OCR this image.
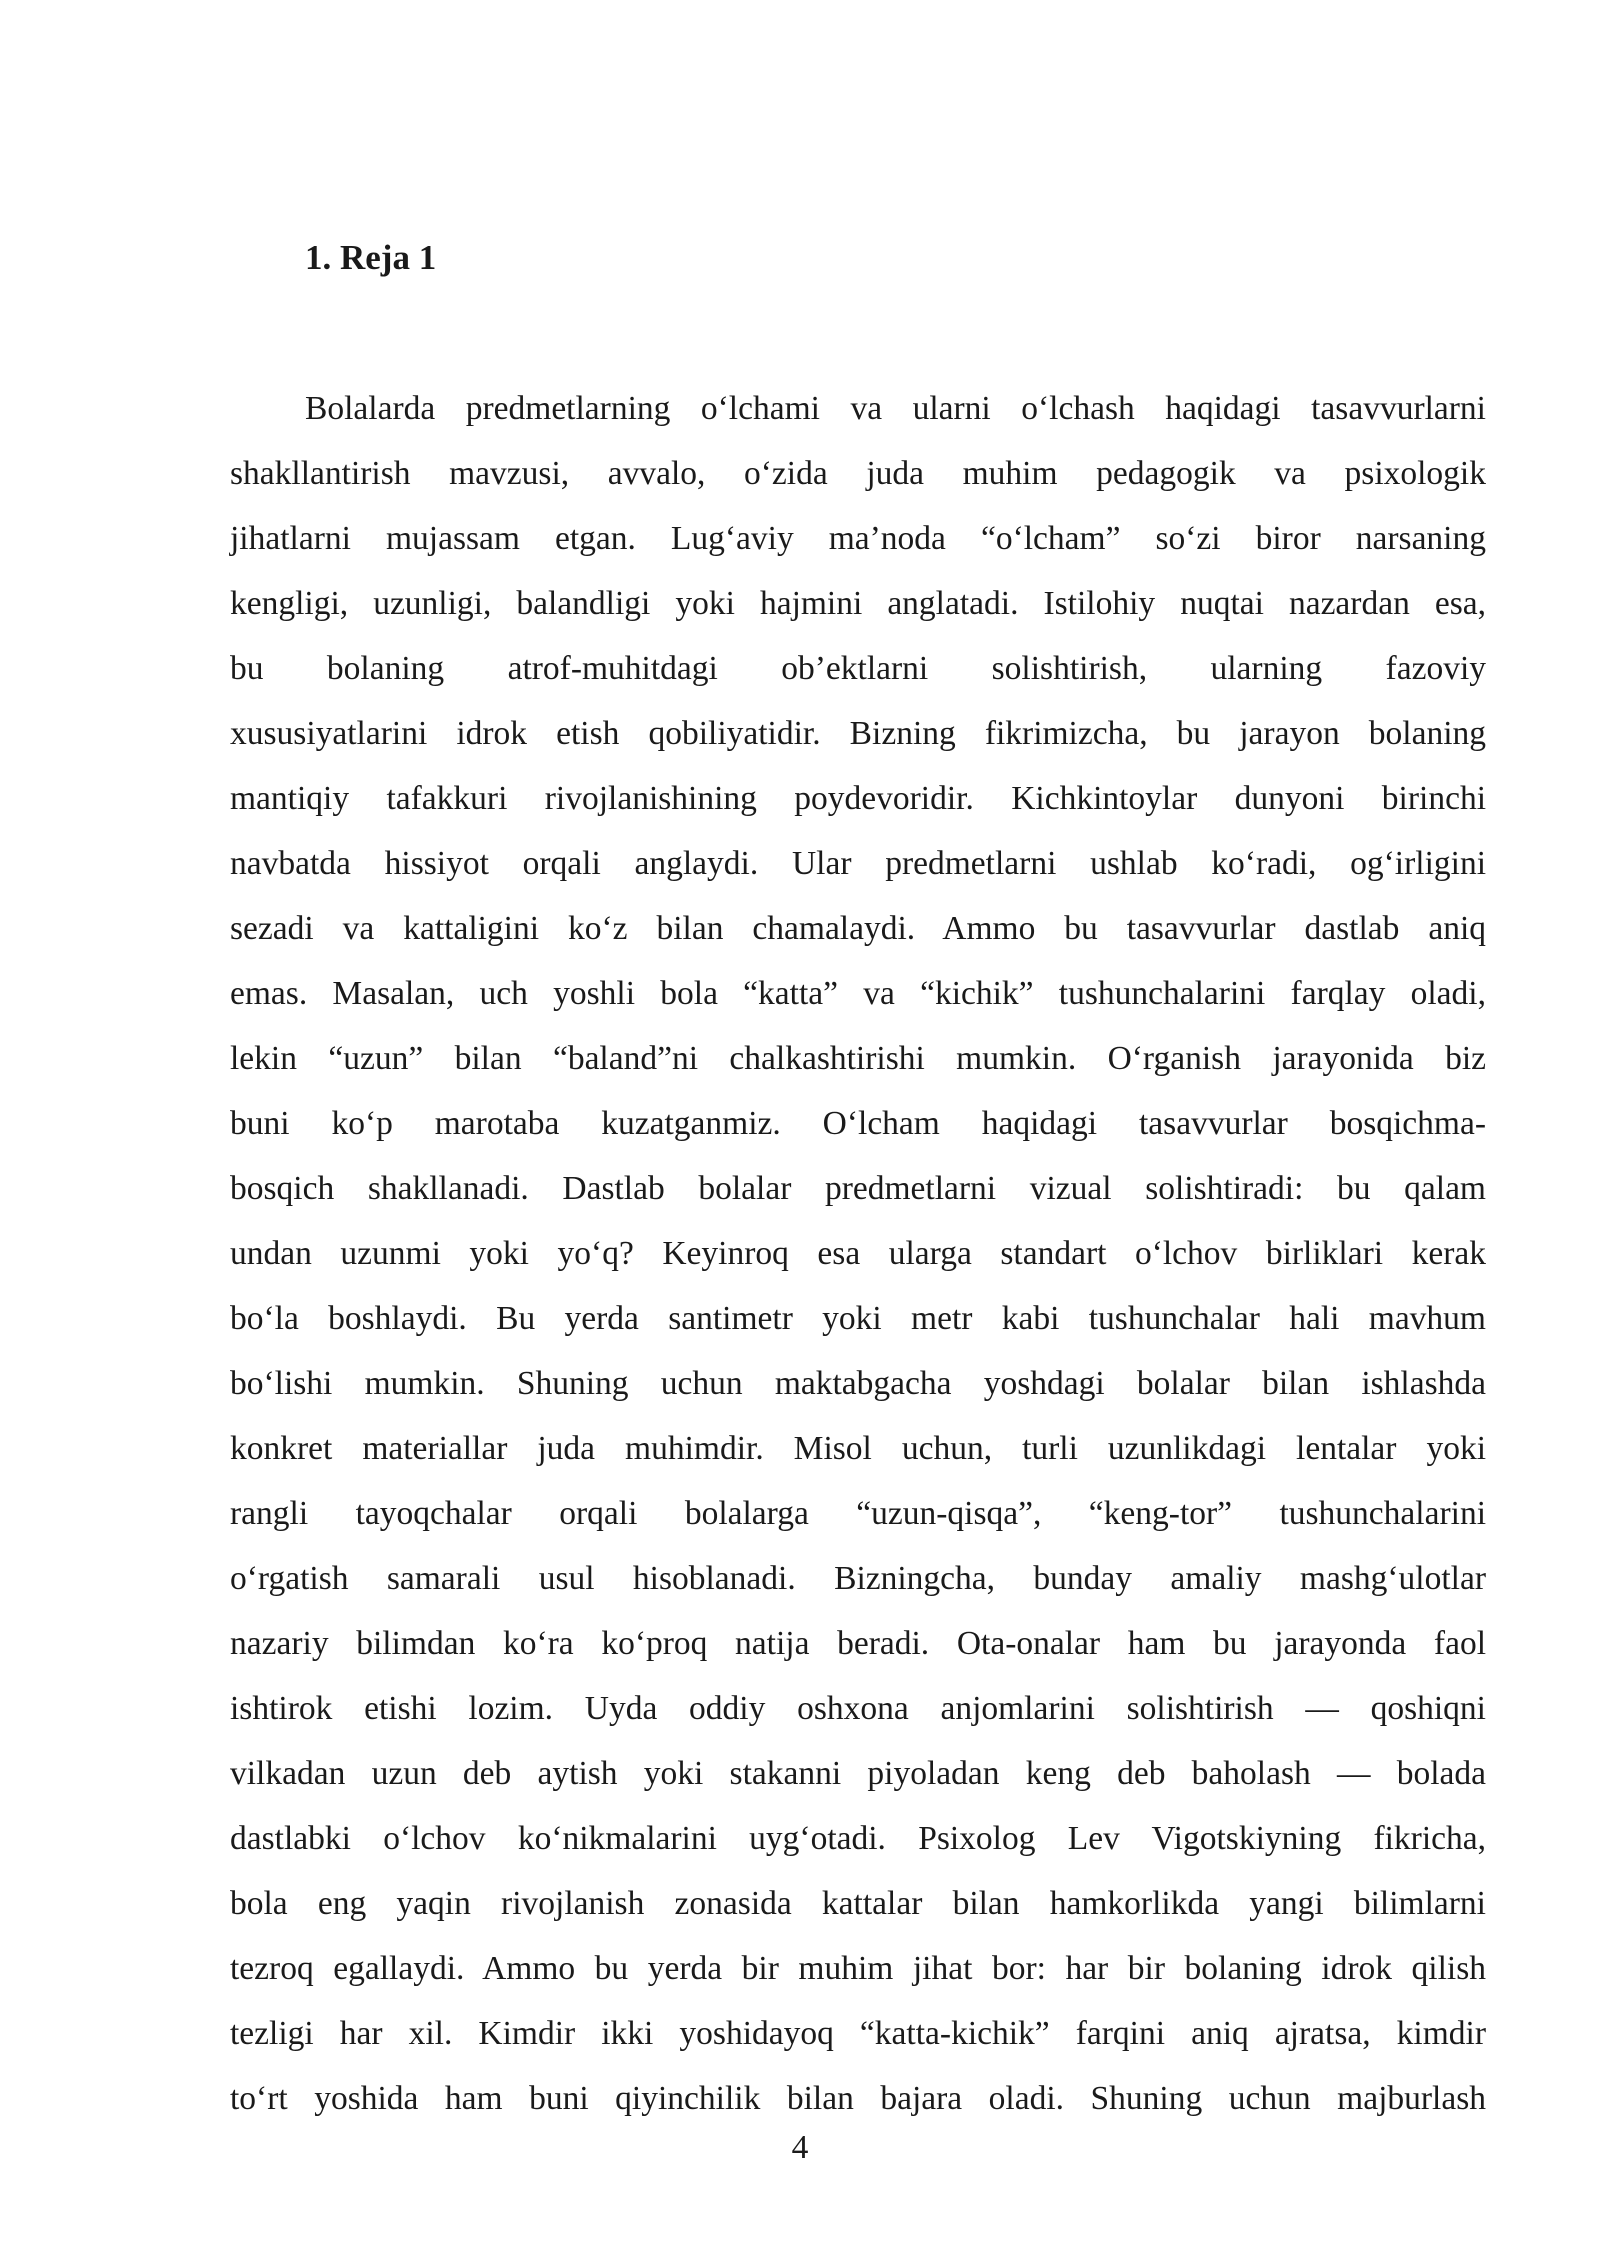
1. Reja 1
Bolalarda predmetlarning o‘lchami va ularni o‘lchash haqidagi tasavvurlarni
shakllantirish mavzusi, avvalo, o‘zida juda muhim pedagogik va psixologik
jihatlarni mujassam etgan. Lug‘aviy ma’noda “o‘lcham” so‘zi biror narsaning
kengligi, uzunligi, balandligi yoki hajmini anglatadi. Istilohiy nuqtai nazardan esa,
bu bolaning atrof-muhitdagi ob’ektlarni solishtirish, ularning fazoviy
xususiyatlarini idrok etish qobiliyatidir. Bizning fikrimizcha, bu jarayon bolaning
mantiqiy tafakkuri rivojlanishining poydevoridir. Kichkintoylar dunyoni birinchi
navbatda hissiyot orqali anglaydi. Ular predmetlarni ushlab ko‘radi, og‘irligini
sezadi va kattaligini ko‘z bilan chamalaydi. Ammo bu tasavvurlar dastlab aniq
emas. Masalan, uch yoshli bola “katta” va “kichik” tushunchalarini farqlay oladi,
lekin “uzun” bilan “baland”ni chalkashtirishi mumkin. O‘rganish jarayonida biz
buni ko‘p marotaba kuzatganmiz. O‘lcham haqidagi tasavvurlar bosqichma-
bosqich shakllanadi. Dastlab bolalar predmetlarni vizual solishtiradi: bu qalam
undan uzunmi yoki yo‘q? Keyinroq esa ularga standart o‘lchov birliklari kerak
bo‘la boshlaydi. Bu yerda santimetr yoki metr kabi tushunchalar hali mavhum
bo‘lishi mumkin. Shuning uchun maktabgacha yoshdagi bolalar bilan ishlashda
konkret materiallar juda muhimdir. Misol uchun, turli uzunlikdagi lentalar yoki
rangli tayoqchalar orqali bolalarga “uzun-qisqa”, “keng-tor” tushunchalarini
o‘rgatish samarali usul hisoblanadi. Bizningcha, bunday amaliy mashg‘ulotlar
nazariy bilimdan ko‘ra ko‘proq natija beradi. Ota-onalar ham bu jarayonda faol
ishtirok etishi lozim. Uyda oddiy oshxona anjomlarini solishtirish — qoshiqni
vilkadan uzun deb aytish yoki stakanni piyoladan keng deb baholash — bolada
dastlabki o‘lchov ko‘nikmalarini uyg‘otadi. Psixolog Lev Vigotskiyning fikricha,
bola eng yaqin rivojlanish zonasida kattalar bilan hamkorlikda yangi bilimlarni
tezroq egallaydi. Ammo bu yerda bir muhim jihat bor: har bir bolaning idrok qilish
tezligi har xil. Kimdir ikki yoshidayoq “katta-kichik” farqini aniq ajratsa, kimdir
to‘rt yoshida ham buni qiyinchilik bilan bajara oladi. Shuning uchun majburlash
4
